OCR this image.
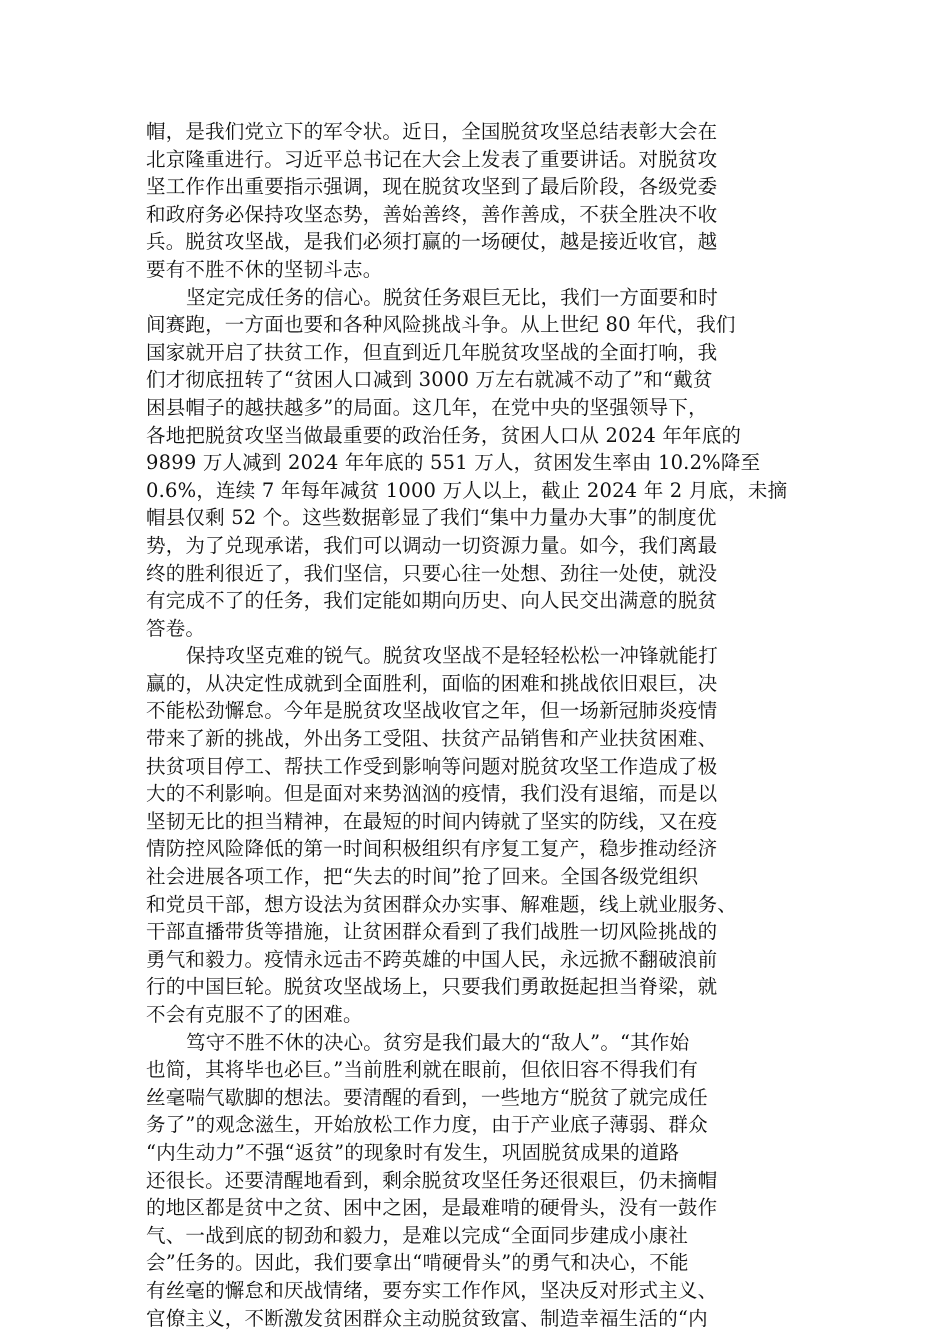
帽，是我们党立下的军令状。近日，全国脱贫攻坚总结表彰大会在
北京隆重进行。习近平总书记在大会上发表了重要讲话。对脱贫攻
坚工作作出重要指示强调，现在脱贫攻坚到了最后阶段，各级党委
和政府务必保持攻坚态势，善始善终，善作善成，不获全胜决不收
兵。脱贫攻坚战，是我们必须打赢的一场硬仗，越是接近收官，越
要有不胜不休的坚韧斗志。
坚定完成任务的信心。脱贫任务艰巨无比，我们一方面要和时
间赛跑，一方面也要和各种风险挑战斗争。从上世纪 80 年代，我们
国家就开启了扶贫工作，但直到近几年脱贫攻坚战的全面打响，我
们才彻底扭转了“贫困人口减到 3000 万左右就减不动了”和“戴贫
困县帽子的越扶越多”的局面。这几年，在党中央的坚强领导下，
各地把脱贫攻坚当做最重要的政治任务，贫困人口从 2024 年年底的
9899 万人减到 2024 年年底的 551 万人，贫困发生率由 10.2%降至
0.6%，连续 7 年每年减贫 1000 万人以上，截止 2024 年 2 月底，未摘
帽县仅剩 52 个。这些数据彰显了我们“集中力量办大事”的制度优
势，为了兑现承诺，我们可以调动一切资源力量。如今，我们离最
终的胜利很近了，我们坚信，只要心往一处想、劲往一处使，就没
有完成不了的任务，我们定能如期向历史、向人民交出满意的脱贫
答卷。
保持攻坚克难的锐气。脱贫攻坚战不是轻轻松松一冲锋就能打
赢的，从决定性成就到全面胜利，面临的困难和挑战依旧艰巨，决
不能松劲懈怠。今年是脱贫攻坚战收官之年，但一场新冠肺炎疫情
带来了新的挑战，外出务工受阻、扶贫产品销售和产业扶贫困难、
扶贫项目停工、帮扶工作受到影响等问题对脱贫攻坚工作造成了极
大的不利影响。但是面对来势汹汹的疫情，我们没有退缩，而是以
坚韧无比的担当精神，在最短的时间内铸就了坚实的防线，又在疫
情防控风险降低的第一时间积极组织有序复工复产，稳步推动经济
社会进展各项工作，把“失去的时间”抢了回来。全国各级党组织
和党员干部，想方设法为贫困群众办实事、解难题，线上就业服务、
干部直播带货等措施，让贫困群众看到了我们战胜一切风险挑战的
勇气和毅力。疫情永远击不跨英雄的中国人民，永远掀不翻破浪前
行的中国巨轮。脱贫攻坚战场上，只要我们勇敢挺起担当脊梁，就
不会有克服不了的困难。
笃守不胜不休的决心。贫穷是我们最大的“敌人”。“其作始
也简，其将毕也必巨。”当前胜利就在眼前，但依旧容不得我们有
丝毫喘气歇脚的想法。要清醒的看到，一些地方“脱贫了就完成任
务了”的观念滋生，开始放松工作力度，由于产业底子薄弱、群众
“内生动力”不强“返贫”的现象时有发生，巩固脱贫成果的道路
还很长。还要清醒地看到，剩余脱贫攻坚任务还很艰巨，仍未摘帽
的地区都是贫中之贫、困中之困，是最难啃的硬骨头，没有一鼓作
气、一战到底的韧劲和毅力，是难以完成“全面同步建成小康社
会”任务的。因此，我们要拿出“啃硬骨头”的勇气和决心，不能
有丝毫的懈怠和厌战情绪，要夯实工作作风，坚决反对形式主义、
官僚主义，不断激发贫困群众主动脱贫致富、制造幸福生活的“内
